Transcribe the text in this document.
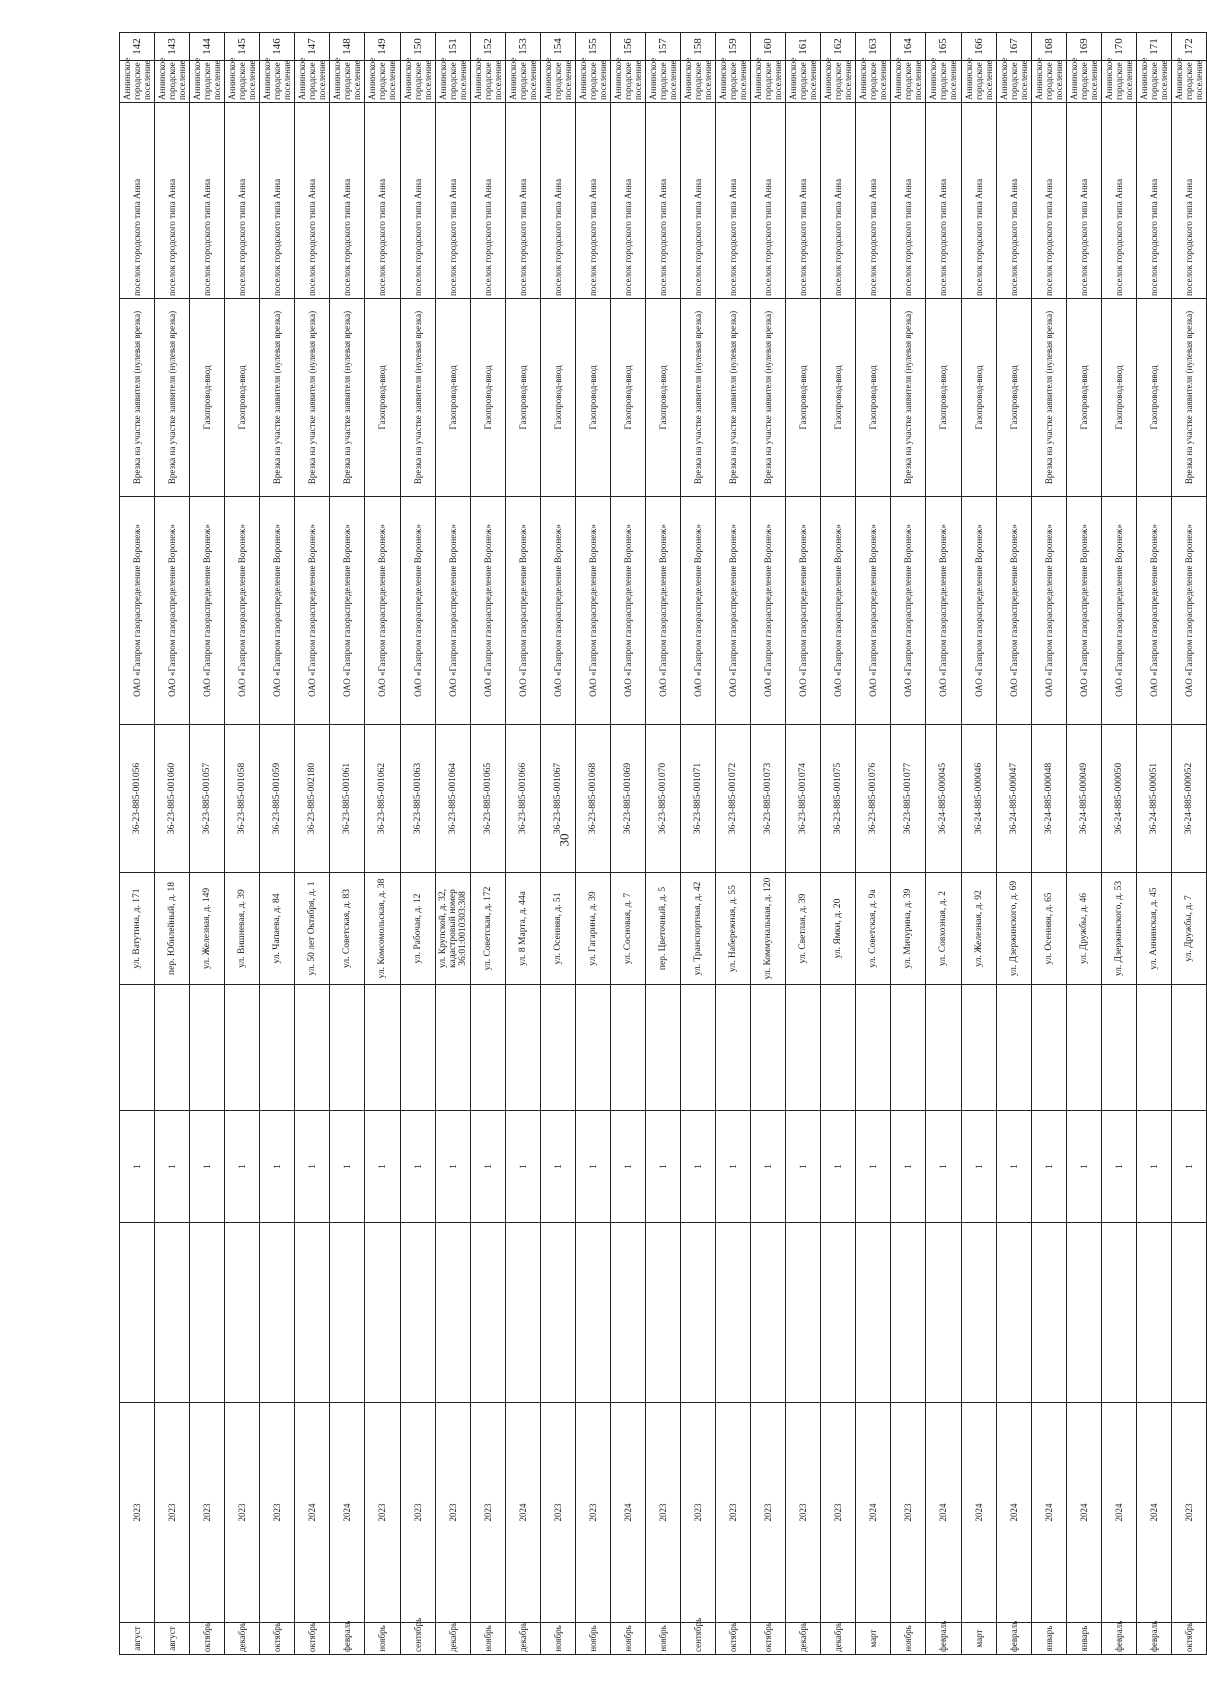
30
август	2023		1		ул. Ватутина, д. 171	36-23-885-001056	ОАО «Газпром газораспределение Воронеж»	Врезка на участке заявителя (нулевая врезка)	поселок городского типа Анна	Аннинское городское поселение	142
август	2023		1		пер. Юбилейный, д. 18	36-23-885-001060	ОАО «Газпром газораспределение Воронеж»	Врезка на участке заявителя (нулевая врезка)	поселок городского типа Анна	Аннинское городское поселение	143
октябрь	2023		1		ул. Железная, д. 149	36-23-885-001057	ОАО «Газпром газораспределение Воронеж»	Газопровод-ввод	поселок городского типа Анна	Аннинское городское поселение	144
декабрь	2023		1		ул. Вишневая, д. 39	36-23-885-001058	ОАО «Газпром газораспределение Воронеж»	Газопровод-ввод	поселок городского типа Анна	Аннинское городское поселение	145
октябрь	2023		1		ул. Чапаева, д. 84	36-23-885-001059	ОАО «Газпром газораспределение Воронеж»	Врезка на участке заявителя (нулевая врезка)	поселок городского типа Анна	Аннинское городское поселение	146
октябрь	2024		1		ул. 50 лет Октября, д. 1	36-23-885-002180	ОАО «Газпром газораспределение Воронеж»	Врезка на участке заявителя (нулевая врезка)	поселок городского типа Анна	Аннинское городское поселение	147
февраль	2024		1		ул. Советская, д. 83	36-23-885-001061	ОАО «Газпром газораспределение Воронеж»	Врезка на участке заявителя (нулевая врезка)	поселок городского типа Анна	Аннинское городское поселение	148
ноябрь	2023		1		ул. Комсомольская, д. 38	36-23-885-001062	ОАО «Газпром газораспределение Воронеж»	Газопровод-ввод	поселок городского типа Анна	Аннинское городское поселение	149
сентябрь	2023		1		ул. Рабочая, д. 12	36-23-885-001063	ОАО «Газпром газораспределение Воронеж»	Врезка на участке заявителя (нулевая врезка)	поселок городского типа Анна	Аннинское городское поселение	150
декабрь	2023		1		ул. Крупской, д. 32, кадастровый номер 36:01:0010303:308	36-23-885-001064	ОАО «Газпром газораспределение Воронеж»	Газопровод-ввод	поселок городского типа Анна	Аннинское городское поселение	151
ноябрь	2023		1		ул. Советская, д. 172	36-23-885-001065	ОАО «Газпром газораспределение Воронеж»	Газопровод-ввод	поселок городского типа Анна	Аннинское городское поселение	152
декабрь	2024		1		ул. 8 Марта, д. 44а	36-23-885-001066	ОАО «Газпром газораспределение Воронеж»	Газопровод-ввод	поселок городского типа Анна	Аннинское городское поселение	153
ноябрь	2023		1		ул. Осенняя, д. 51	36-23-885-001067	ОАО «Газпром газораспределение Воронеж»	Газопровод-ввод	поселок городского типа Анна	Аннинское городское поселение	154
ноябрь	2023		1		ул. Гагарина, д. 39	36-23-885-001068	ОАО «Газпром газораспределение Воронеж»	Газопровод-ввод	поселок городского типа Анна	Аннинское городское поселение	155
ноябрь	2024		1		ул. Сосновая, д. 7	36-23-885-001069	ОАО «Газпром газораспределение Воронеж»	Газопровод-ввод	поселок городского типа Анна	Аннинское городское поселение	156
ноябрь	2023		1		пер. Цветочный, д. 5	36-23-885-001070	ОАО «Газпром газораспределение Воронеж»	Газопровод-ввод	поселок городского типа Анна	Аннинское городское поселение	157
сентябрь	2023		1		ул. Транспортная, д. 42	36-23-885-001071	ОАО «Газпром газораспределение Воронеж»	Врезка на участке заявителя (нулевая врезка)	поселок городского типа Анна	Аннинское городское поселение	158
октябрь	2023		1		ул. Набережная, д. 55	36-23-885-001072	ОАО «Газпром газораспределение Воронеж»	Врезка на участке заявителя (нулевая врезка)	поселок городского типа Анна	Аннинское городское поселение	159
октябрь	2023		1		ул. Коммунальная, д. 120	36-23-885-001073	ОАО «Газпром газораспределение Воронеж»	Врезка на участке заявителя (нулевая врезка)	поселок городского типа Анна	Аннинское городское поселение	160
декабрь	2023		1		ул. Светлая, д. 39	36-23-885-001074	ОАО «Газпром газораспределение Воронеж»	Газопровод-ввод	поселок городского типа Анна	Аннинское городское поселение	161
декабрь	2023		1		ул. Ямки, д. 20	36-23-885-001075	ОАО «Газпром газораспределение Воронеж»	Газопровод-ввод	поселок городского типа Анна	Аннинское городское поселение	162
март	2024		1		ул. Советская, д. 9а	36-23-885-001076	ОАО «Газпром газораспределение Воронеж»	Газопровод-ввод	поселок городского типа Анна	Аннинское городское поселение	163
ноябрь	2023		1		ул. Мичурина, д. 39	36-23-885-001077	ОАО «Газпром газораспределение Воронеж»	Врезка на участке заявителя (нулевая врезка)	поселок городского типа Анна	Аннинское городское поселение	164
февраль	2024		1		ул. Совхозная, д. 2	36-24-885-000045	ОАО «Газпром газораспределение Воронеж»	Газопровод-ввод	поселок городского типа Анна	Аннинское городское поселение	165
март	2024		1		ул. Железная, д. 92	36-24-885-000046	ОАО «Газпром газораспределение Воронеж»	Газопровод-ввод	поселок городского типа Анна	Аннинское городское поселение	166
февраль	2024		1		ул. Дзержинского, д. 69	36-24-885-000047	ОАО «Газпром газораспределение Воронеж»	Газопровод-ввод	поселок городского типа Анна	Аннинское городское поселение	167
январь	2024		1		ул. Осенняя, д. 65	36-24-885-000048	ОАО «Газпром газораспределение Воронеж»	Врезка на участке заявителя (нулевая врезка)	поселок городского типа Анна	Аннинское городское поселение	168
январь	2024		1		ул. Дружбы, д. 46	36-24-885-000049	ОАО «Газпром газораспределение Воронеж»	Газопровод-ввод	поселок городского типа Анна	Аннинское городское поселение	169
февраль	2024		1		ул. Дзержинского, д. 53	36-24-885-000050	ОАО «Газпром газораспределение Воронеж»	Газопровод-ввод	поселок городского типа Анна	Аннинское городское поселение	170
февраль	2024		1		ул. Аннинская, д. 45	36-24-885-000051	ОАО «Газпром газораспределение Воронеж»	Газопровод-ввод	поселок городского типа Анна	Аннинское городское поселение	171
октябрь	2023		1		ул. Дружбы, д. 7	36-24-885-000052	ОАО «Газпром газораспределение Воронеж»	Врезка на участке заявителя (нулевая врезка)	поселок городского типа Анна	Аннинское городское поселение	172
